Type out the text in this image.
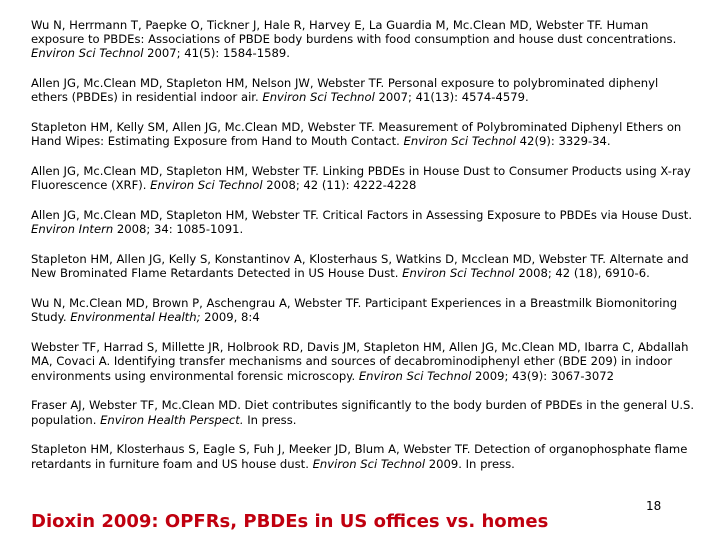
Wu N, Herrmann T, Paepke O, Tickner J, Hale R, Harvey E, La Guardia M, Mc.Clean MD, Webster TF. Human exposure to PBDEs: Associations of PBDE body burdens with food consumption and house dust concentrations. Environ Sci Technol 2007; 41(5): 1584-1589.

Allen JG, Mc.Clean MD, Stapleton HM, Nelson JW, Webster TF. Personal exposure to polybrominated diphenyl ethers (PBDEs) in residential indoor air. Environ Sci Technol 2007; 41(13): 4574-4579.

Stapleton HM, Kelly SM, Allen JG, Mc.Clean MD, Webster TF. Measurement of Polybrominated Diphenyl Ethers on Hand Wipes: Estimating Exposure from Hand to Mouth Contact. Environ Sci Technol 42(9): 3329-34.

Allen JG, Mc.Clean MD, Stapleton HM, Webster TF. Linking PBDEs in House Dust to Consumer Products using X-ray Fluorescence (XRF). Environ Sci Technol 2008; 42 (11): 4222-4228

Allen JG, Mc.Clean MD, Stapleton HM, Webster TF. Critical Factors in Assessing Exposure to PBDEs via House Dust. Environ Intern 2008; 34: 1085-1091.

Stapleton HM, Allen JG, Kelly S, Konstantinov A, Klosterhaus S, Watkins D, Mcclean MD, Webster TF. Alternate and New Brominated Flame Retardants Detected in US House Dust. Environ Sci Technol 2008; 42 (18), 6910-6.

Wu N, Mc.Clean MD, Brown P, Aschengrau A, Webster TF. Participant Experiences in a Breastmilk Biomonitoring Study. Environmental Health; 2009, 8:4

Webster TF, Harrad S, Millette JR, Holbrook RD, Davis JM, Stapleton HM, Allen JG, Mc.Clean MD, Ibarra C, Abdallah MA, Covaci A. Identifying transfer mechanisms and sources of decabrominodiphenyl ether (BDE 209) in indoor environments using environmental forensic microscopy. Environ Sci Technol 2009; 43(9): 3067-3072

Fraser AJ, Webster TF, Mc.Clean MD. Diet contributes significantly to the body burden of PBDEs in the general U.S. population. Environ Health Perspect. In press.

Stapleton HM, Klosterhaus S, Eagle S, Fuh J, Meeker JD, Blum A, Webster TF. Detection of organophosphate flame retardants in furniture foam and US house dust. Environ Sci Technol 2009. In press.

18
Dioxin 2009: OPFRs, PBDEs in US offices vs. homes
